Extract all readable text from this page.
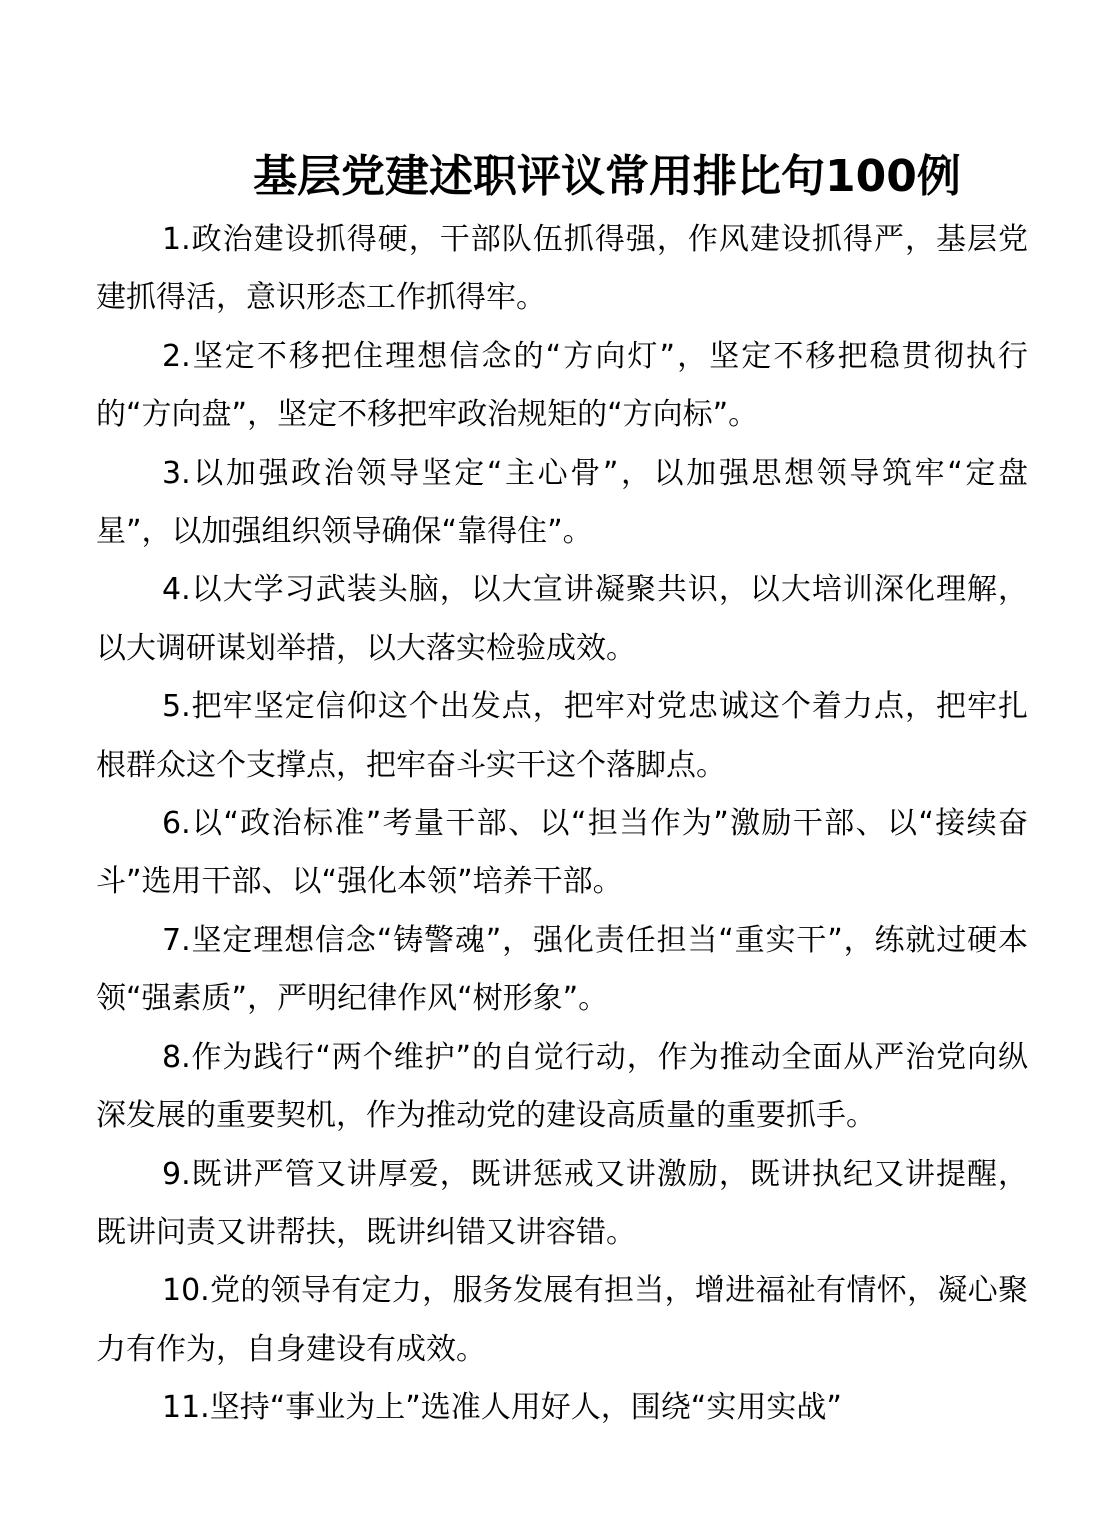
基层党建述职评议常用排比句100例

1.政治建设抓得硬，干部队伍抓得强，作风建设抓得严，基层党建抓得活，意识形态工作抓得牢。

2.坚定不移把住理想信念的“方向灯”，坚定不移把稳贯彻执行的“方向盘”，坚定不移把牢政治规矩的“方向标”。

3.以加强政治领导坚定“主心骨”，以加强思想领导筑牢“定盘星”，以加强组织领导确保“靠得住”。

4.以大学习武装头脑，以大宣讲凝聚共识，以大培训深化理解，以大调研谋划举措，以大落实检验成效。

5.把牢坚定信仰这个出发点，把牢对党忠诚这个着力点，把牢扎根群众这个支撑点，把牢奋斗实干这个落脚点。

6.以“政治标准”考量干部、以“担当作为”激励干部、以“接续奋斗”选用干部、以“强化本领”培养干部。

7.坚定理想信念“铸警魂”，强化责任担当“重实干”，练就过硬本领“强素质”，严明纪律作风“树形象”。

8.作为践行“两个维护”的自觉行动，作为推动全面从严治党向纵深发展的重要契机，作为推动党的建设高质量的重要抓手。

9.既讲严管又讲厚爱，既讲惩戒又讲激励，既讲执纪又讲提醒，既讲问责又讲帮扶，既讲纠错又讲容错。

10.党的领导有定力，服务发展有担当，增进福祉有情怀，凝心聚力有作为，自身建设有成效。

11.坚持“事业为上”选准人用好人，围绕“实用实战”
